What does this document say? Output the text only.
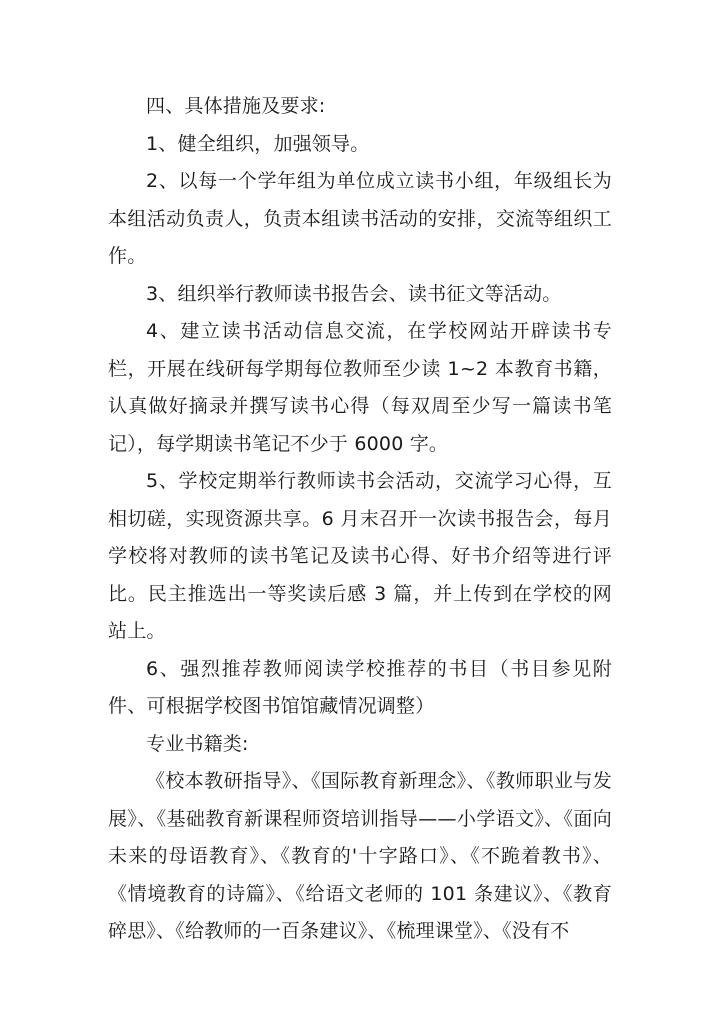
四、具体措施及要求:

1、健全组织，加强领导。

2、以每一个学年组为单位成立读书小组，年级组长为本组活动负责人，负责本组读书活动的安排，交流等组织工作。

3、组织举行教师读书报告会、读书征文等活动。

4、建立读书活动信息交流，在学校网站开辟读书专栏，开展在线研每学期每位教师至少读 1~2 本教育书籍，认真做好摘录并撰写读书心得（每双周至少写一篇读书笔记），每学期读书笔记不少于 6000 字。

5、学校定期举行教师读书会活动，交流学习心得，互相切磋，实现资源共享。6 月末召开一次读书报告会，每月学校将对教师的读书笔记及读书心得、好书介绍等进行评比。民主推选出一等奖读后感 3 篇，并上传到在学校的网站上。

6、强烈推荐教师阅读学校推荐的书目（书目参见附件、可根据学校图书馆馆藏情况调整）

专业书籍类:

《校本教研指导》、《国际教育新理念》、《教师职业与发展》、《基础教育新课程师资培训指导——小学语文》、《面向未来的母语教育》、《教育的'十字路口》、《不跪着教书》、《情境教育的诗篇》、《给语文老师的 101 条建议》、《教育碎思》、《给教师的一百条建议》、《梳理课堂》、《没有不
